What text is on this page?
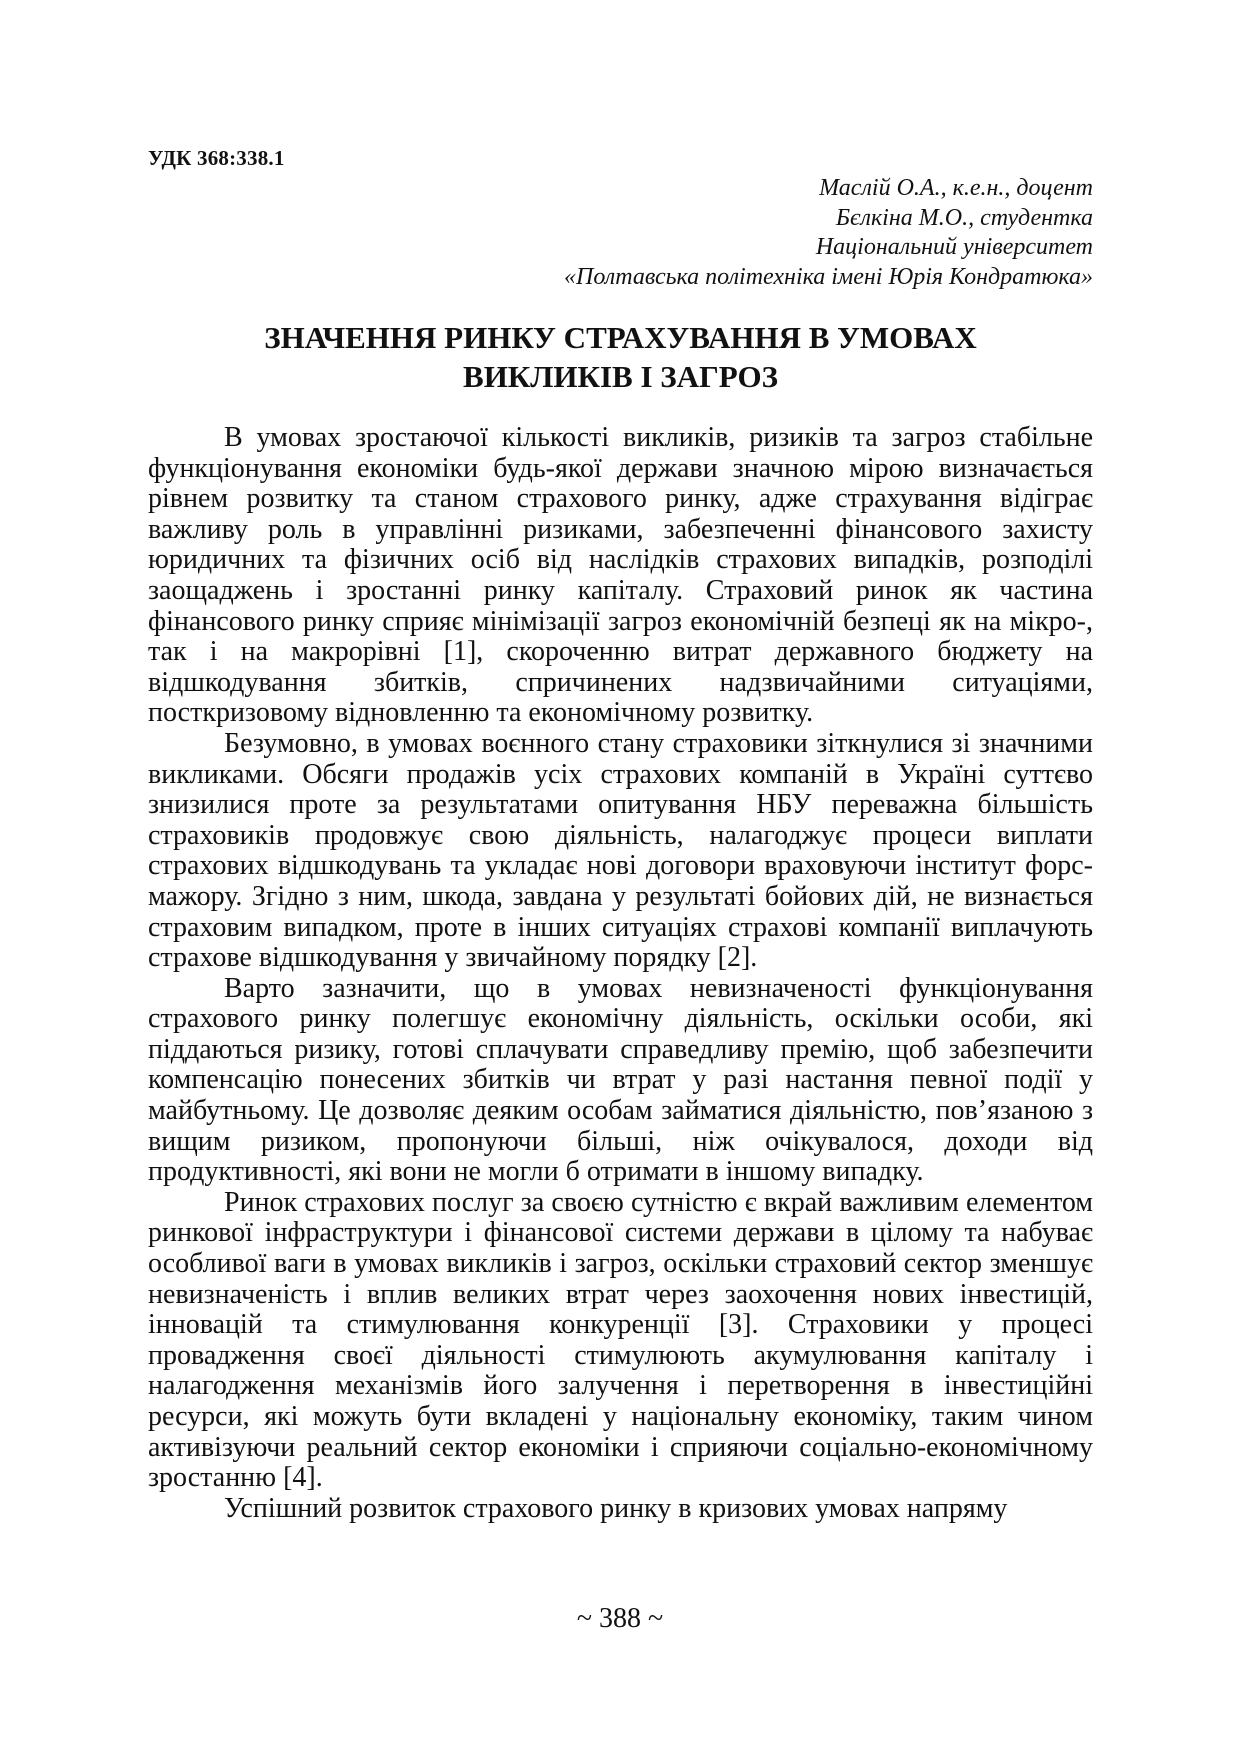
УДК 368:338.1
Маслій О.А., к.е.н., доцент
Бєлкіна М.О., студентка
Національний університет
«Полтавська політехніка імені Юрія Кондратюка»
ЗНАЧЕННЯ РИНКУ СТРАХУВАННЯ В УМОВАХ
ВИКЛИКІВ І ЗАГРОЗ

В умовах зростаючої кількості викликів, ризиків та загроз стабільне функціонування економіки будь-якої держави значною мірою визначається рівнем розвитку та станом страхового ринку, адже страхування відіграє важливу роль в управлінні ризиками, забезпеченні фінансового захисту юридичних та фізичних осіб від наслідків страхових випадків, розподілі заощаджень і зростанні ринку капіталу. Страховий ринок як частина фінансового ринку сприяє мінімізації загроз економічній безпеці як на мікро-, так і на макрорівні [1], скороченню витрат державного бюджету на відшкодування збитків, спричинених надзвичайними ситуаціями, посткризовому відновленню та економічному розвитку.

Безумовно, в умовах воєнного стану страховики зіткнулися зі значними викликами. Обсяги продажів усіх страхових компаній в Україні суттєво знизилися проте за результатами опитування НБУ переважна більшість страховиків продовжує свою діяльність, налагоджує процеси виплати страхових відшкодувань та укладає нові договори враховуючи інститут форс-мажору. Згідно з ним, шкода, завдана у результаті бойових дій, не визнається страховим випадком, проте в інших ситуаціях страхові компанії виплачують страхове відшкодування у звичайному порядку [2].

Варто зазначити, що в умовах невизначеності функціонування страхового ринку полегшує економічну діяльність, оскільки особи, які піддаються ризику, готові сплачувати справедливу премію, щоб забезпечити компенсацію понесених збитків чи втрат у разі настання певної події у майбутньому. Це дозволяє деяким особам займатися діяльністю, пов’язаною з вищим ризиком, пропонуючи більші, ніж очікувалося, доходи від продуктивності, які вони не могли б отримати в іншому випадку.

Ринок страхових послуг за своєю сутністю є вкрай важливим елементом ринкової інфраструктури і фінансової системи держави в цілому та набуває особливої ваги в умовах викликів і загроз, оскільки страховий сектор зменшує невизначеність і вплив великих втрат через заохочення нових інвестицій, інновацій та стимулювання конкуренції [3]. Страховики у процесі провадження своєї діяльності стимулюють акумулювання капіталу і налагодження механізмів його залучення і перетворення в інвестиційні ресурси, які можуть бути вкладені у національну економіку, таким чином активізуючи реальний сектор економіки і сприяючи соціально-економічному зростанню [4].

Успішний розвиток страхового ринку в кризових умовах напряму

~ 388 ~
